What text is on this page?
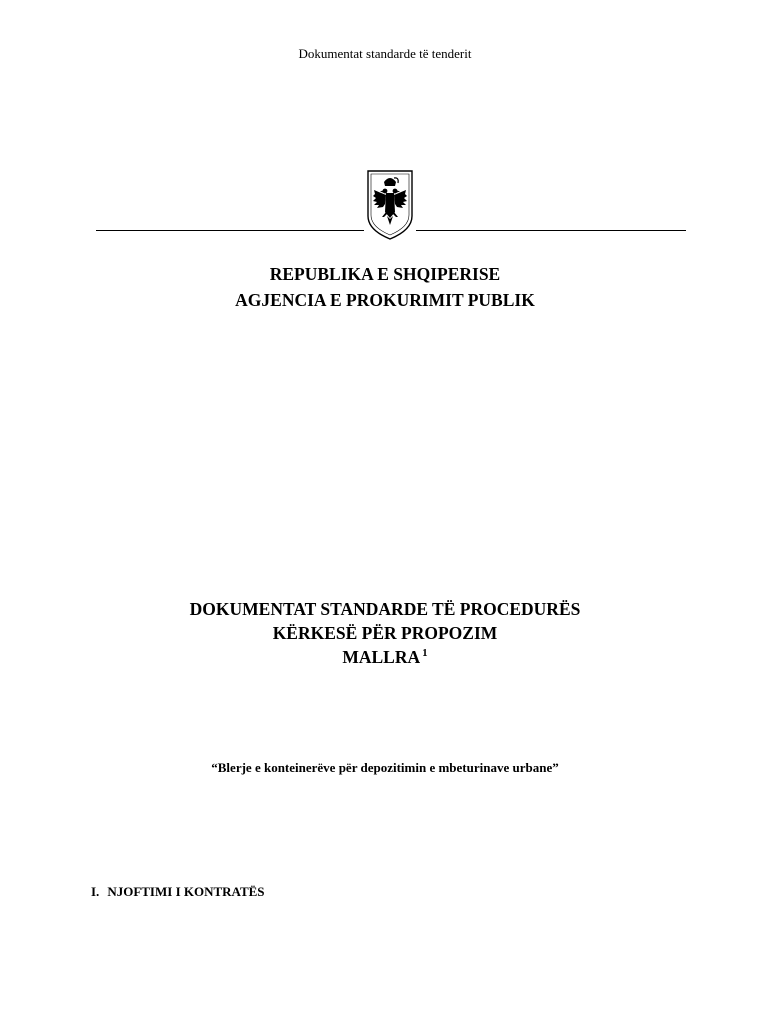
Dokumentat standarde të tenderit
REPUBLIKA E SHQIPERISE
AGJENCIA E PROKURIMIT PUBLIK
DOKUMENTAT STANDARDE TË PROCEDURËS
KËRKESË PËR PROPOZIM
MALLRA $^1$
“Blerje e konteinerëve për depozitimin e mbeturinave urbane”
I. NJOFTIMI I KONTRATËS
